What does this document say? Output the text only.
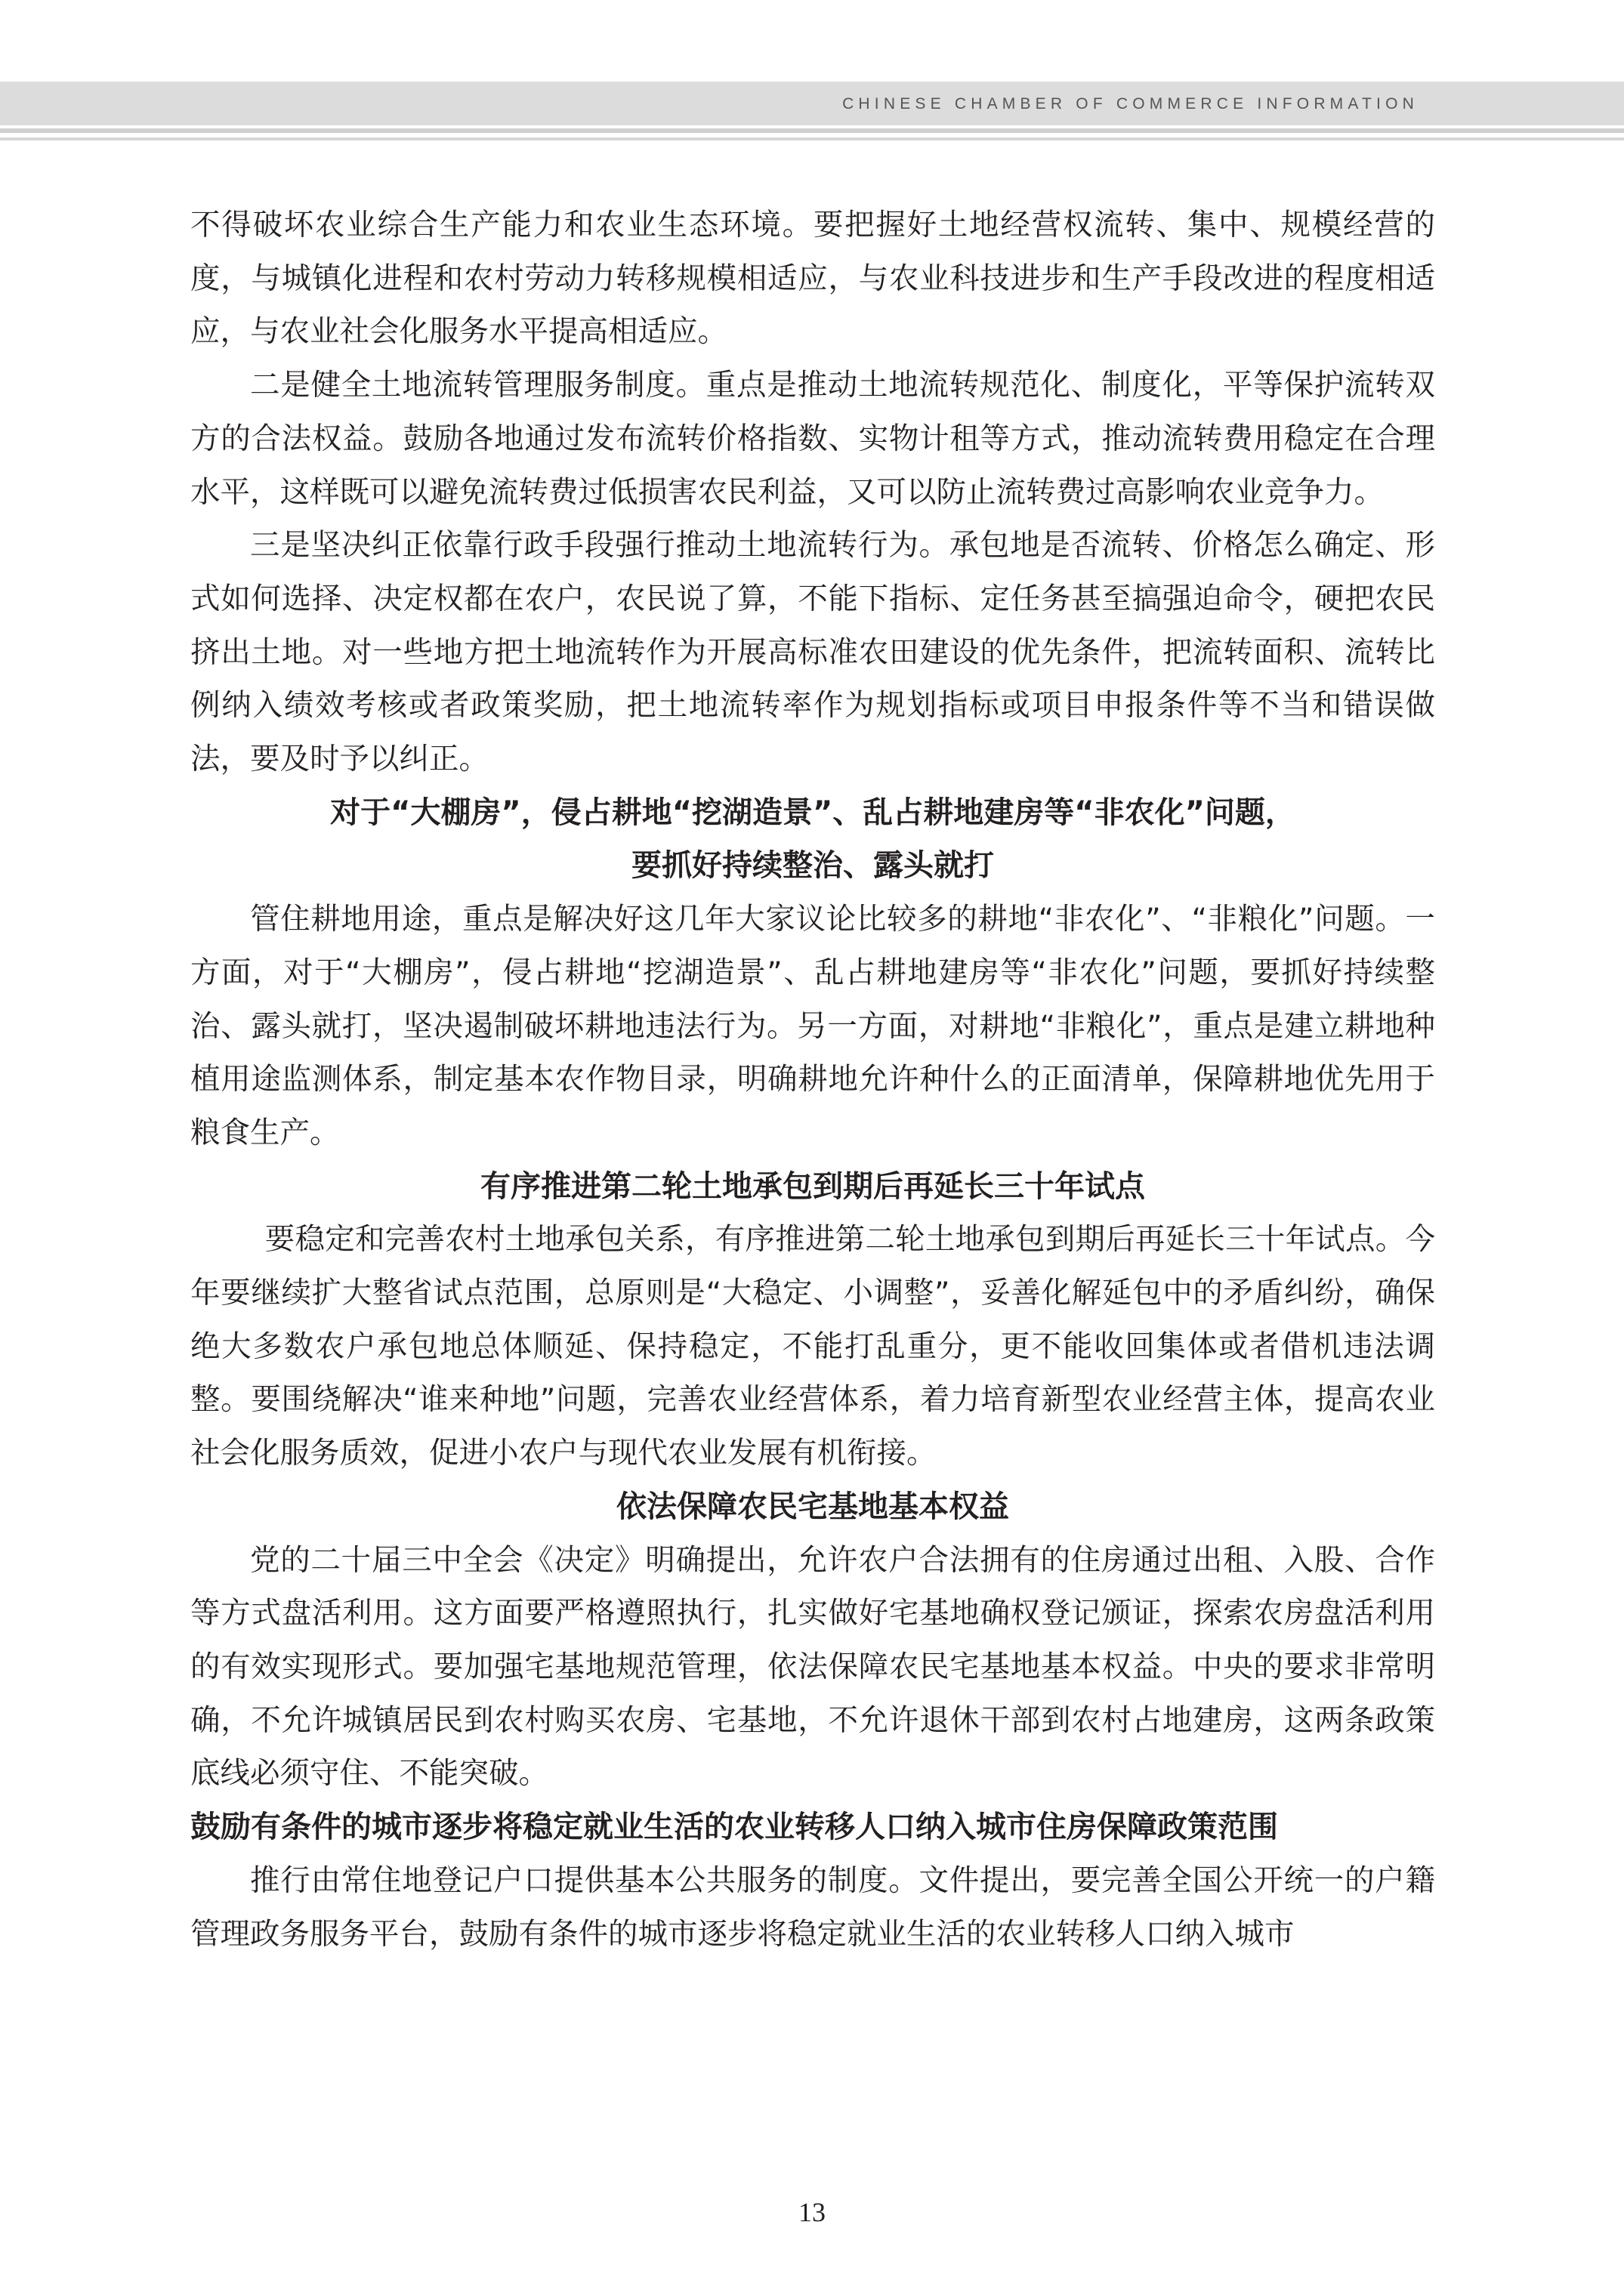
CHINESE CHAMBER OF COMMERCE INFORMATION

不得破坏农业综合生产能力和农业生态环境。要把握好土地经营权流转、集中、规模经营的度，与城镇化进程和农村劳动力转移规模相适应，与农业科技进步和生产手段改进的程度相适应，与农业社会化服务水平提高相适应。

二是健全土地流转管理服务制度。重点是推动土地流转规范化、制度化，平等保护流转双方的合法权益。鼓励各地通过发布流转价格指数、实物计租等方式，推动流转费用稳定在合理水平，这样既可以避免流转费过低损害农民利益，又可以防止流转费过高影响农业竞争力。

三是坚决纠正依靠行政手段强行推动土地流转行为。承包地是否流转、价格怎么确定、形式如何选择、决定权都在农户，农民说了算，不能下指标、定任务甚至搞强迫命令，硬把农民挤出土地。对一些地方把土地流转作为开展高标准农田建设的优先条件，把流转面积、流转比例纳入绩效考核或者政策奖励，把土地流转率作为规划指标或项目申报条件等不当和错误做法，要及时予以纠正。

对于“大棚房”，侵占耕地“挖湖造景”、乱占耕地建房等“非农化”问题，
要抓好持续整治、露头就打

管住耕地用途，重点是解决好这几年大家议论比较多的耕地“非农化”、“非粮化”问题。一方面，对于“大棚房”，侵占耕地“挖湖造景”、乱占耕地建房等“非农化”问题，要抓好持续整治、露头就打，坚决遏制破坏耕地违法行为。另一方面，对耕地“非粮化”，重点是建立耕地种植用途监测体系，制定基本农作物目录，明确耕地允许种什么的正面清单，保障耕地优先用于粮食生产。

有序推进第二轮土地承包到期后再延长三十年试点

要稳定和完善农村土地承包关系，有序推进第二轮土地承包到期后再延长三十年试点。今年要继续扩大整省试点范围，总原则是“大稳定、小调整”，妥善化解延包中的矛盾纠纷，确保绝大多数农户承包地总体顺延、保持稳定，不能打乱重分，更不能收回集体或者借机违法调整。要围绕解决“谁来种地”问题，完善农业经营体系，着力培育新型农业经营主体，提高农业社会化服务质效，促进小农户与现代农业发展有机衔接。

依法保障农民宅基地基本权益

党的二十届三中全会《决定》明确提出，允许农户合法拥有的住房通过出租、入股、合作等方式盘活利用。这方面要严格遵照执行，扎实做好宅基地确权登记颁证，探索农房盘活利用的有效实现形式。要加强宅基地规范管理，依法保障农民宅基地基本权益。中央的要求非常明确，不允许城镇居民到农村购买农房、宅基地，不允许退休干部到农村占地建房，这两条政策底线必须守住、不能突破。

鼓励有条件的城市逐步将稳定就业生活的农业转移人口纳入城市住房保障政策范围

推行由常住地登记户口提供基本公共服务的制度。文件提出，要完善全国公开统一的户籍管理政务服务平台，鼓励有条件的城市逐步将稳定就业生活的农业转移人口纳入城市

13
